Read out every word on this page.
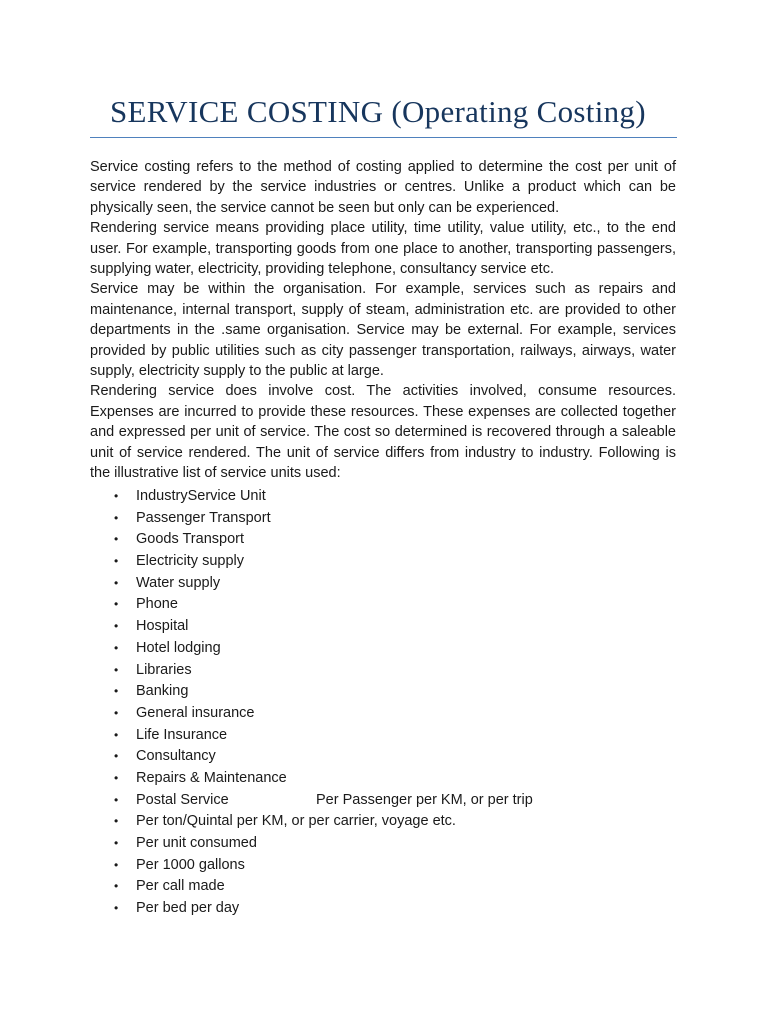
SERVICE COSTING (Operating Costing)

Service costing refers to the method of costing applied to determine the cost per unit of service rendered by the service industries or centres. Unlike a product which can be physically seen, the service cannot be seen but only can be experienced.

Rendering service means providing place utility, time utility, value utility, etc., to the end user. For example, transporting goods from one place to another, transporting passengers, supplying water, electricity, providing telephone, consultancy service etc.

Service may be within the organisation. For example, services such as repairs and maintenance, internal transport, supply of steam, administration etc. are provided to other departments in the .same organisation. Service may be external. For example, services provided by public utilities such as city passenger transportation, railways, airways, water supply, electricity supply to the public at large.

Rendering service does involve cost. The activities involved, consume resources. Expenses are incurred to provide these resources. These expenses are collected together and expressed per unit of service. The cost so determined is recovered through a saleable unit of service rendered. The unit of service differs from industry to industry. Following is the illustrative list of service units used:

• IndustryService Unit
• Passenger Transport
• Goods Transport
• Electricity supply
• Water supply
• Phone
• Hospital
• Hotel lodging
• Libraries
• Banking
• General insurance
• Life Insurance
• Consultancy
• Repairs & Maintenance
• Postal Service	Per Passenger per KM, or per trip
• Per ton/Quintal per KM, or per carrier, voyage etc.
• Per unit consumed
• Per 1000 gallons
• Per call made
• Per bed per day
